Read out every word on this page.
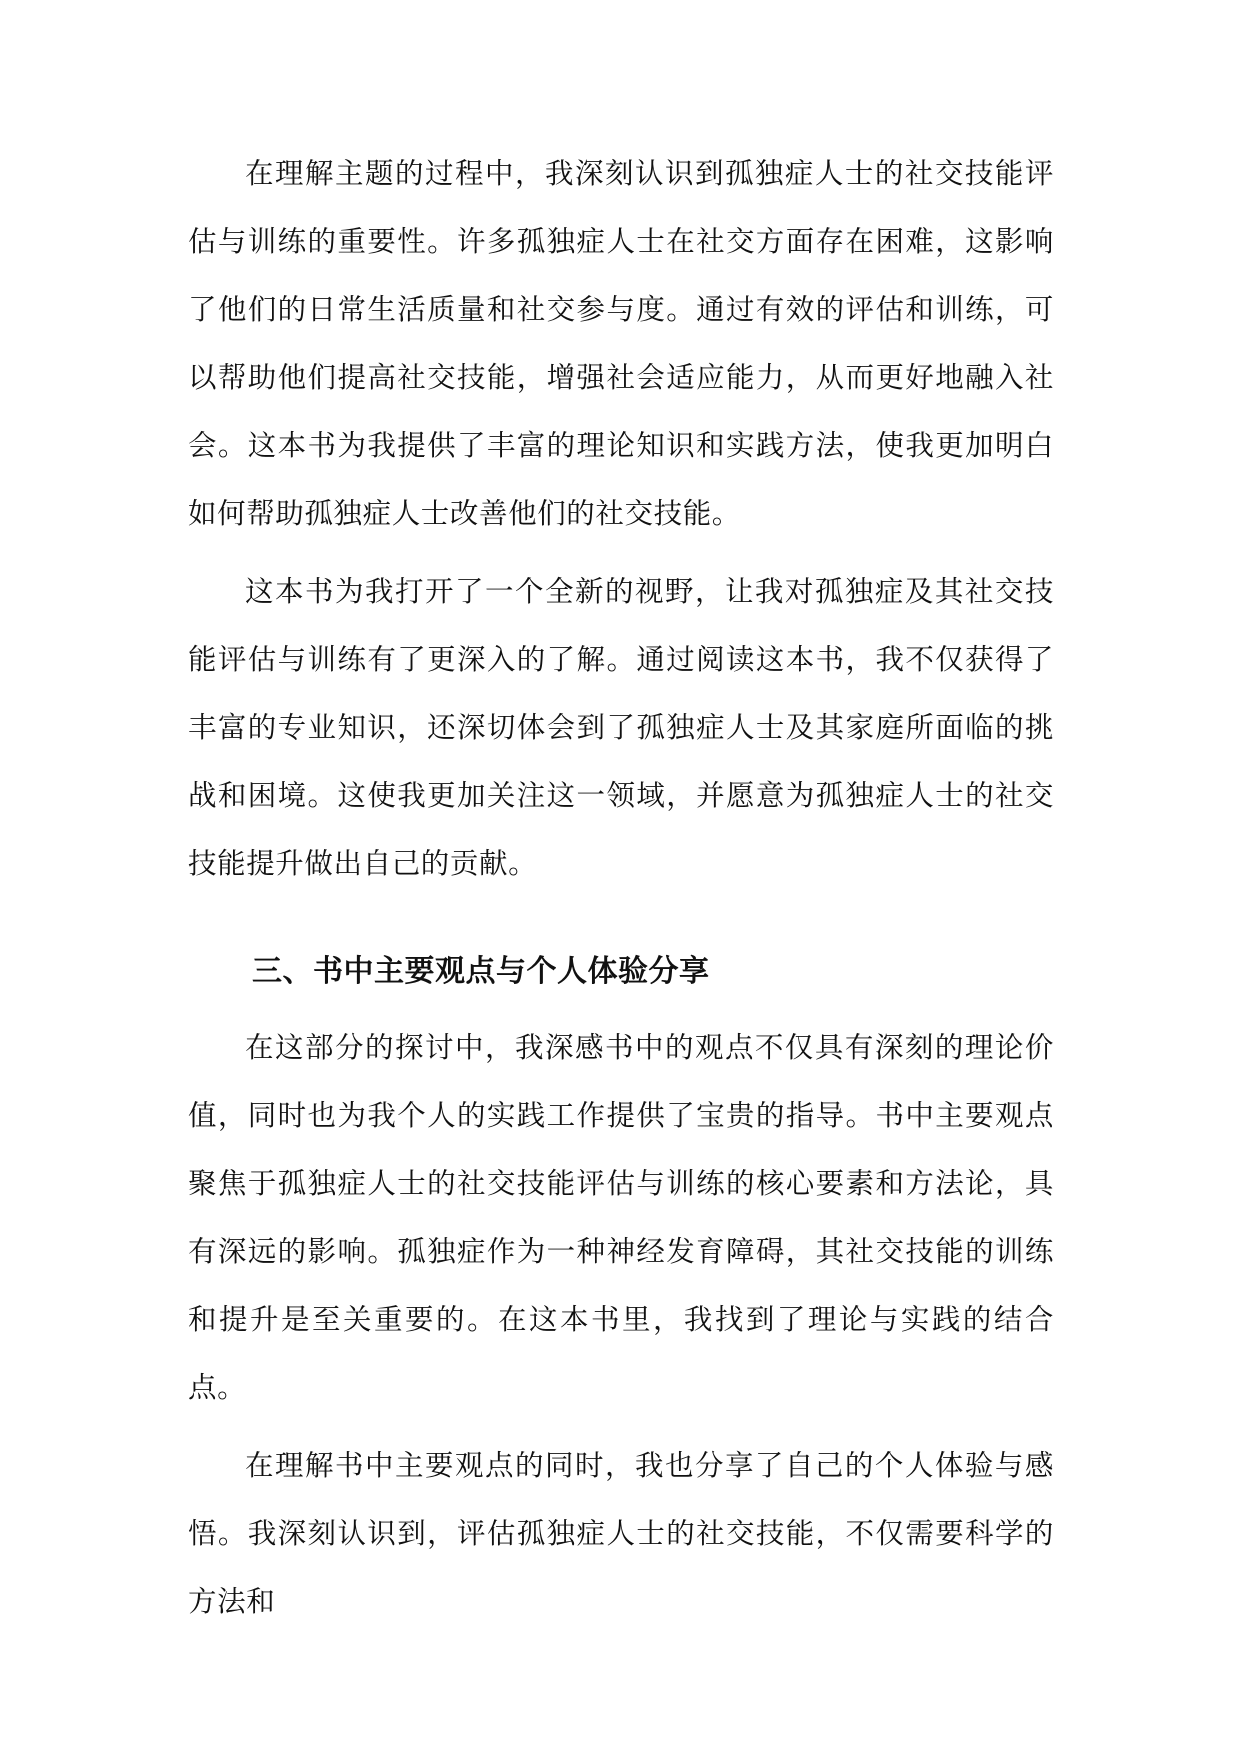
在理解主题的过程中，我深刻认识到孤独症人士的社交技能评估与训练的重要性。许多孤独症人士在社交方面存在困难，这影响了他们的日常生活质量和社交参与度。通过有效的评估和训练，可以帮助他们提高社交技能，增强社会适应能力，从而更好地融入社会。这本书为我提供了丰富的理论知识和实践方法，使我更加明白如何帮助孤独症人士改善他们的社交技能。

这本书为我打开了一个全新的视野，让我对孤独症及其社交技能评估与训练有了更深入的了解。通过阅读这本书，我不仅获得了丰富的专业知识，还深切体会到了孤独症人士及其家庭所面临的挑战和困境。这使我更加关注这一领域，并愿意为孤独症人士的社交技能提升做出自己的贡献。

三、书中主要观点与个人体验分享

在这部分的探讨中，我深感书中的观点不仅具有深刻的理论价值，同时也为我个人的实践工作提供了宝贵的指导。书中主要观点聚焦于孤独症人士的社交技能评估与训练的核心要素和方法论，具有深远的影响。孤独症作为一种神经发育障碍，其社交技能的训练和提升是至关重要的。在这本书里，我找到了理论与实践的结合点。

在理解书中主要观点的同时，我也分享了自己的个人体验与感悟。我深刻认识到，评估孤独症人士的社交技能，不仅需要科学的方法和
